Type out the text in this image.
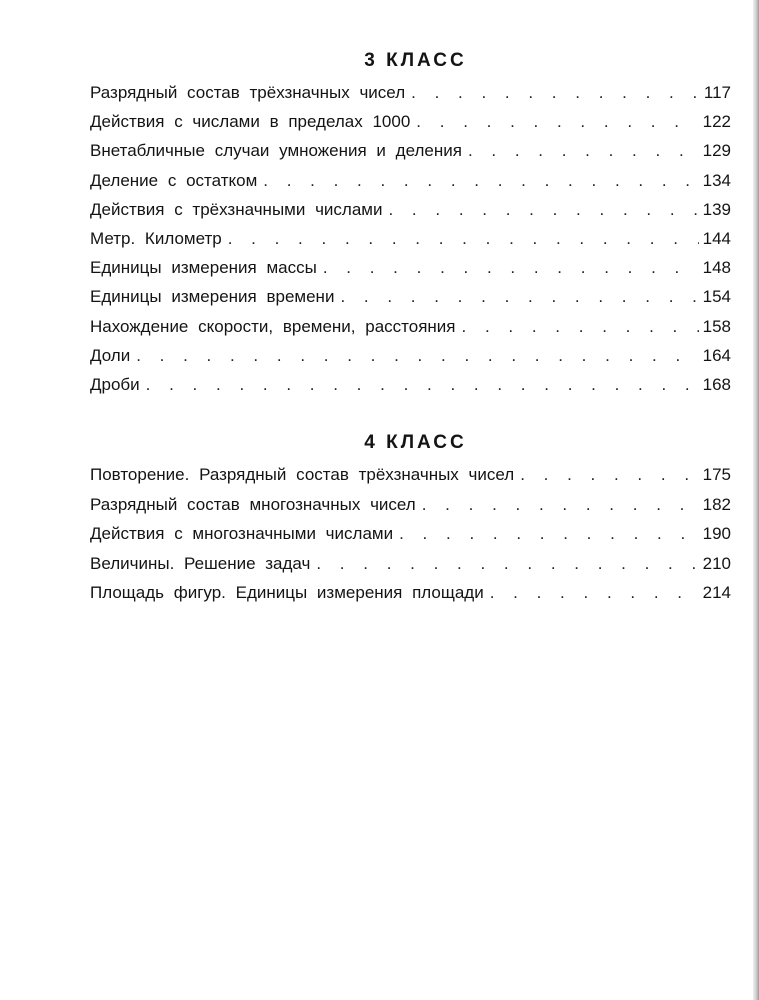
3 КЛАСС
Разрядный состав трёхзначных чисел . . .	117
Действия с числами в пределах 1000 . . .	122
Внетабличные случаи умножения и деления . . .	129
Деление с остатком . . .	134
Действия с трёхзначными числами . . .	139
Метр. Километр . . .	144
Единицы измерения массы . . .	148
Единицы измерения времени . . .	154
Нахождение скорости, времени, расстояния . . .	158
Доли . . .	164
Дроби . . .	168
4 КЛАСС
Повторение. Разрядный состав трёхзначных чисел . . .	175
Разрядный состав многозначных чисел . . .	182
Действия с многозначными числами . . .	190
Величины. Решение задач . . .	210
Площадь фигур. Единицы измерения площади . . .	214
